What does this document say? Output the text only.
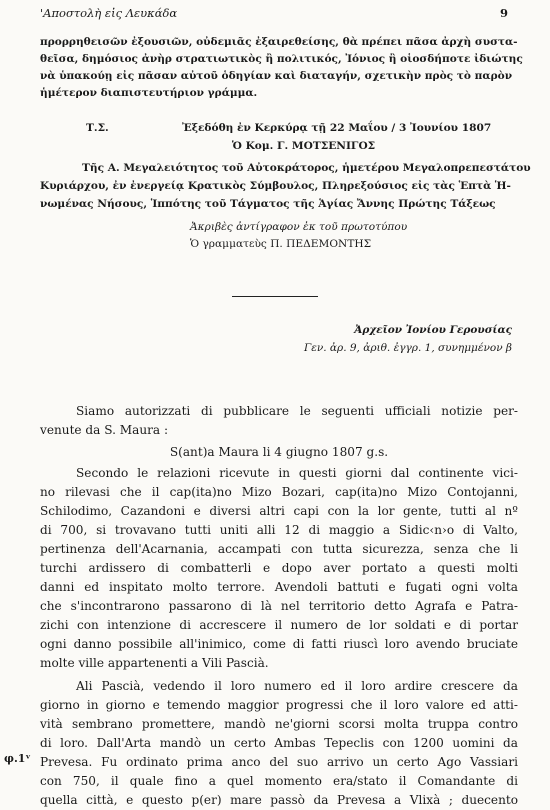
'Αποστολὴ εἰς Λευκάδα	9
προρρηθεισῶν ἐξουσιῶν, οὐδεμιᾶς ἐξαιρεθείσης, θὰ πρέπει πᾶσα ἀρχὴ συστα-
θεῖσα, δημόσιος ἀνὴρ στρατιωτικὸς ἢ πολιτικός, Ἰόνιος ἢ οἱοσδήποτε ἰδιώτης
νὰ ὑπακούῃ εἰς πᾶσαν αὐτοῦ ὁδηγίαν καὶ διαταγήν, σχετικὴν πρὸς τὸ παρὸν
ἡμέτερον διαπιστευτήριον γράμμα.
Τ.Σ.	Ἐξεδόθη ἐν Κερκύρᾳ τῇ 22 Μαΐου / 3 Ἰουνίου 1807
Ὁ Κομ. Γ. ΜΟΤΣΕΝΙΓΟΣ
Τῆς Α. Μεγαλειότητος τοῦ Αὐτοκράτορος, ἡμετέρου Μεγαλοπρεπεστάτου
Κυριάρχου, ἐν ἐνεργείᾳ Κρατικὸς Σύμβουλος, Πληρεξούσιος εἰς τὰς Ἑπτὰ Ἡ-
νωμένας Νήσους, Ἱππότης τοῦ Τάγματος τῆς Ἁγίας Ἄννης Πρώτης Τάξεως
Ἀκριβὲς ἀντίγραφον ἐκ τοῦ πρωτοτύπου
Ὁ γραμματεὺς Π. ΠΕΔΕΜΟΝΤΗΣ
Ἀρχεῖον Ἰονίου Γερουσίας
Γεν. ἀρ. 9, ἀριθ. ἐγγρ. 1, συνημμένον β
Siamo autorizzati di pubblicare le seguenti ufficiali notizie per-
venute da S. Maura :
S(ant)a Maura li 4 giugno 1807 g.s.
Secondo le relazioni ricevute in questi giorni dal continente vici-
no rilevasi che il cap(ita)no Mizo Bozari, cap(ita)no Mizo Contojanni,
Schilodimo, Cazandoni e diversi altri capi con la lor gente, tutti al nº
di 700, si trovavano tutti uniti alli 12 di maggio a Sidic‹n›o di Valto,
pertinenza dell'Acarnania, accampati con tutta sicurezza, senza che li
turchi ardissero di combatterli e dopo aver portato a questi molti
danni ed inspitato molto terrore. Avendoli battuti e fugati ogni volta
che s'incontrarono passarono di là nel territorio detto Agrafa e Patra-
zichi con intenzione di accrescere il numero de lor soldati e di portar
ogni danno possibile all'inimico, come di fatti riuscì loro avendo bruciate
molte ville appartenenti a Vili Pascià.
Ali Pascià, vedendo il loro numero ed il loro ardire crescere da
giorno in giorno e temendo maggior progressi che il loro valore ed atti-
vità sembrano promettere, mandò ne'giorni scorsi molta truppa contro
di loro. Dall'Arta mandò un certo Ambas Tepeclis con 1200 uomini da
Prevesa. Fu ordinato prima anco del suo arrivo un certo Ago Vassiari
con 750, il quale fino a quel momento era/stato il Comandante di
quella città, e questo p(er) mare passò da Prevesa a Vlixà ; duecento
φ.1ᵛ
